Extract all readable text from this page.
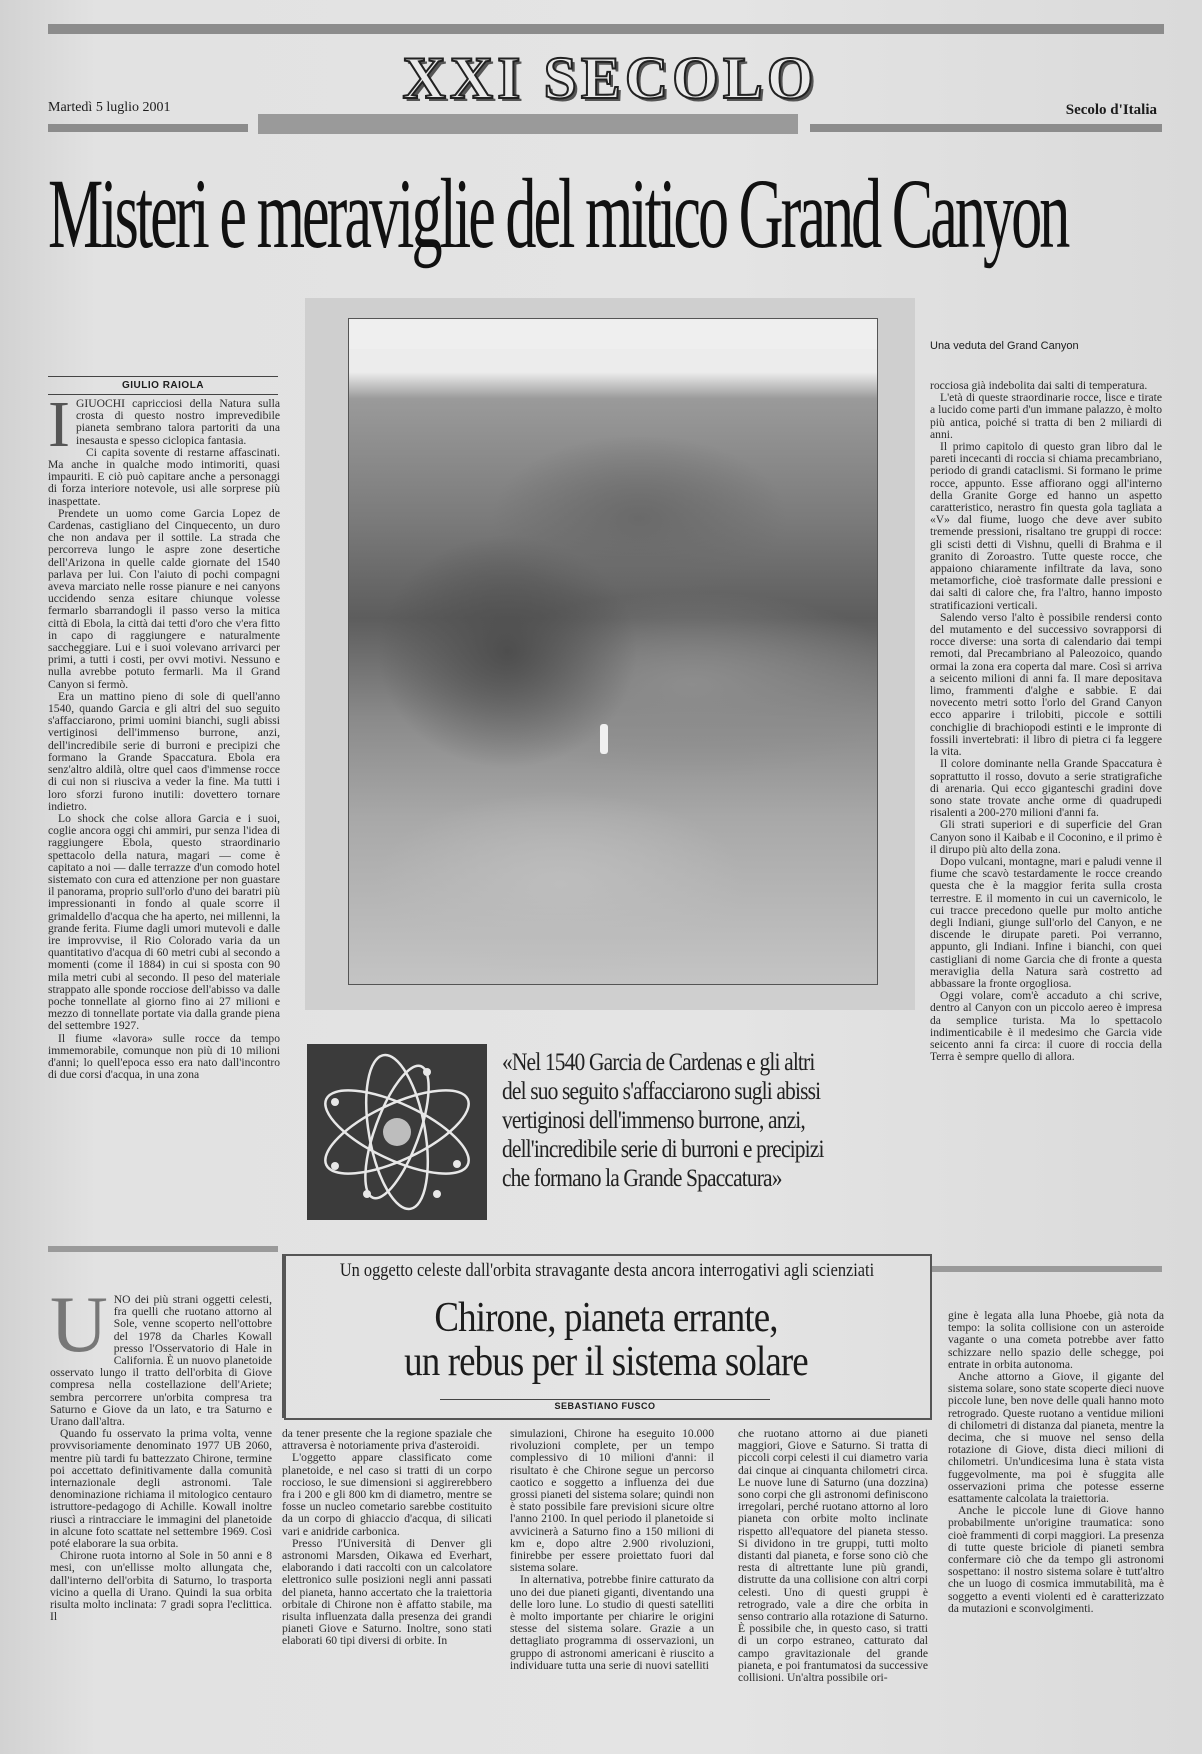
XXI SECOLO
Martedì 5 luglio 2001	Secolo d'Italia
Misteri e meraviglie del mitico Grand Canyon
GIULIO RAIOLA
I GIUOCHI capricciosi della Natura sulla crosta di questo nostro imprevedibile pianeta sembrano talora partoriti da una inesausta e spesso ciclopica fantasia.

Ci capita sovente di restarne affascinati. Ma anche in qualche modo intimoriti, quasi impauriti. E ciò può capitare anche a personaggi di forza interiore notevole, usi alle sorprese più inaspettate.

Prendete un uomo come Garcia Lopez de Cardenas, castigliano del Cinquecento, un duro che non andava per il sottile. La strada che percorreva lungo le aspre zone desertiche dell'Arizona in quelle calde giornate del 1540 parlava per lui. Con l'aiuto di pochi compagni aveva marciato nelle rosse pianure e nei canyons uccidendo senza esitare chiunque volesse fermarlo sbarrandogli il passo verso la mitica città di Ebola, la città dai tetti d'oro che v'era fitto in capo di raggiungere e naturalmente saccheggiare. Lui e i suoi volevano arrivarci per primi, a tutti i costi, per ovvi motivi. Nessuno e nulla avrebbe potuto fermarli. Ma il Grand Canyon si fermò.

Era un mattino pieno di sole di quell'anno 1540, quando Garcia e gli altri del suo seguito s'affacciarono, primi uomini bianchi, sugli abissi vertiginosi dell'immenso burrone, anzi, dell'incredibile serie di burroni e precipizi che formano la Grande Spaccatura. Ebola era senz'altro aldilà, oltre quel caos d'immense rocce di cui non si riusciva a veder la fine. Ma tutti i loro sforzi furono inutili: dovettero tornare indietro.

Lo shock che colse allora Garcia e i suoi, coglie ancora oggi chi ammiri, pur senza l'idea di raggiungere Ebola, questo straordinario spettacolo della natura, magari — come è capitato a noi — dalle terrazze d'un comodo hotel sistemato con cura ed attenzione per non guastare il panorama, proprio sull'orlo d'uno dei baratri più impressionanti in fondo al quale scorre il grimaldello d'acqua che ha aperto, nei millenni, la grande ferita. Fiume dagli umori mutevoli e dalle ire improvvise, il Rio Colorado varia da un quantitativo d'acqua di 60 metri cubi al secondo a momenti (come il 1884) in cui si sposta con 90 mila metri cubi al secondo. Il peso del materiale strappato alle sponde rocciose dell'abisso va dalle poche tonnellate al giorno fino ai 27 milioni e mezzo di tonnellate portate via dalla grande piena del settembre 1927.

Il fiume «lavora» sulle rocce da tempo immemorabile, comunque non più di 10 milioni d'anni; lo quell'epoca esso era nato dall'incontro di due corsi d'acqua, in una zona

Una veduta del Grand Canyon

rocciosa già indebolita dai salti di temperatura.

L'età di queste straordinarie rocce, lisce e tirate a lucido come parti d'un immane palazzo, è molto più antica, poiché si tratta di ben 2 miliardi di anni.

Il primo capitolo di questo gran libro dal le pareti incecanti di roccia si chiama precambriano, periodo di grandi cataclismi. Si formano le prime rocce, appunto. Esse affiorano oggi all'interno della Granite Gorge ed hanno un aspetto caratteristico, nerastro fin questa gola tagliata a «V» dal fiume, luogo che deve aver subito tremende pressioni, risaltano tre gruppi di rocce: gli scisti detti di Vishnu, quelli di Brahma e il granito di Zoroastro. Tutte queste rocce, che appaiono chiaramente infiltrate da lava, sono metamorfiche, cioè trasformate dalle pressioni e dai salti di calore che, fra l'altro, hanno imposto stratificazioni verticali.

Salendo verso l'alto è possibile rendersi conto del mutamento e del successivo sovrapporsi di rocce diverse: una sorta di calendario dai tempi remoti, dal Precambriano al Paleozoico, quando ormai la zona era coperta dal mare. Così si arriva a seicento milioni di anni fa. Il mare depositava limo, frammenti d'alghe e sabbie. E dai novecento metri sotto l'orlo del Grand Canyon ecco apparire i trilobiti, piccole e sottili conchiglie di brachiopodi estinti e le impronte di fossili invertebrati: il libro di pietra ci fa leggere la vita.

Il colore dominante nella Grande Spaccatura è soprattutto il rosso, dovuto a serie stratigrafiche di arenaria. Qui ecco giganteschi gradini dove sono state trovate anche orme di quadrupedi risalenti a 200-270 milioni d'anni fa.

Gli strati superiori e di superficie del Gran Canyon sono il Kaibab e il Coconino, e il primo è il dirupo più alto della zona.

Dopo vulcani, montagne, mari e paludi venne il fiume che scavò testardamente le rocce creando questa che è la maggior ferita sulla crosta terrestre. E il momento in cui un cavernicolo, le cui tracce precedono quelle pur molto antiche degli Indiani, giunge sull'orlo del Canyon, e ne discende le dirupate pareti. Poi verranno, appunto, gli Indiani. Infine i bianchi, con quei castigliani di nome Garcia che di fronte a questa meraviglia della Natura sarà costretto ad abbassare la fronte orgogliosa.

Oggi volare, com'è accaduto a chi scrive, dentro al Canyon con un piccolo aereo è impresa da semplice turista. Ma lo spettacolo indimenticabile è il medesimo che Garcia vide seicento anni fa circa: il cuore di roccia della Terra è sempre quello di allora.

«Nel 1540 Garcia de Cardenas e gli altri
del suo seguito s'affacciarono sugli abissi
vertiginosi dell'immenso burrone, anzi,
dell'incredibile serie di burroni e precipizi
che formano la Grande Spaccatura»
Un oggetto celeste dall'orbita stravagante desta ancora interrogativi agli scienziati
Chirone, pianeta errante,
un rebus per il sistema solare
SEBASTIANO FUSCO
U NO dei più strani oggetti celesti, fra quelli che ruotano attorno al Sole, venne scoperto nell'ottobre del 1978 da Charles Kowall presso l'Osservatorio di Hale in California. È un nuovo planetoide osservato lungo il tratto dell'orbita di Giove compresa nella costellazione dell'Ariete; sembra percorrere un'orbita compresa tra Saturno e Giove da un lato, e tra Saturno e Urano dall'altra.

Quando fu osservato la prima volta, venne provvisoriamente denominato 1977 UB 2060, mentre più tardi fu battezzato Chirone, termine poi accettato definitivamente dalla comunità internazionale degli astronomi. Tale denominazione richiama il mitologico centauro istruttore-pedagogo di Achille. Kowall inoltre riuscì a rintracciare le immagini del planetoide in alcune foto scattate nel settembre 1969. Così poté elaborare la sua orbita.

Chirone ruota intorno al Sole in 50 anni e 8 mesi, con un'ellisse molto allungata che, dall'interno dell'orbita di Saturno, lo trasporta vicino a quella di Urano. Quindi la sua orbita risulta molto inclinata: 7 gradi sopra l'eclittica. Il

da tener presente che la regione spaziale che attraversa è notoriamente priva d'asteroidi.

L'oggetto appare classificato come planetoide, e nel caso si tratti di un corpo roccioso, le sue dimensioni si aggirerebbero fra i 200 e gli 800 km di diametro, mentre se fosse un nucleo cometario sarebbe costituito da un corpo di ghiaccio d'acqua, di silicati vari e anidride carbonica.

Presso l'Università di Denver gli astronomi Marsden, Oikawa ed Everhart, elaborando i dati raccolti con un calcolatore elettronico sulle posizioni negli anni passati del pianeta, hanno accertato che la traiettoria orbitale di Chirone non è affatto stabile, ma risulta influenzata dalla presenza dei grandi pianeti Giove e Saturno. Inoltre, sono stati elaborati 60 tipi diversi di orbite. In

simulazioni, Chirone ha eseguito 10.000 rivoluzioni complete, per un tempo complessivo di 10 milioni d'anni: il risultato è che Chirone segue un percorso caotico e soggetto a influenza dei due grossi pianeti del sistema solare; quindi non è stato possibile fare previsioni sicure oltre l'anno 2100. In quel periodo il planetoide si avvicinerà a Saturno fino a 150 milioni di km e, dopo altre 2.900 rivoluzioni, finirebbe per essere proiettato fuori dal sistema solare.

In alternativa, potrebbe finire catturato da uno dei due pianeti giganti, diventando una delle loro lune. Lo studio di questi satelliti è molto importante per chiarire le origini stesse del sistema solare. Grazie a un dettagliato programma di osservazioni, un gruppo di astronomi americani è riuscito a individuare tutta una serie di nuovi satelliti

che ruotano attorno ai due pianeti maggiori, Giove e Saturno. Si tratta di piccoli corpi celesti il cui diametro varia dai cinque ai cinquanta chilometri circa. Le nuove lune di Saturno (una dozzina) sono corpi che gli astronomi definiscono irregolari, perché ruotano attorno al loro pianeta con orbite molto inclinate rispetto all'equatore del pianeta stesso. Si dividono in tre gruppi, tutti molto distanti dal pianeta, e forse sono ciò che resta di altrettante lune più grandi, distrutte da una collisione con altri corpi celesti. Uno di questi gruppi è retrogrado, vale a dire che orbita in senso contrario alla rotazione di Saturno. È possibile che, in questo caso, si tratti di un corpo estraneo, catturato dal campo gravitazionale del grande pianeta, e poi frantumatosi da successive collisioni. Un'altra possibile ori-

gine è legata alla luna Phoebe, già nota da tempo: la solita collisione con un asteroide vagante o una cometa potrebbe aver fatto schizzare nello spazio delle schegge, poi entrate in orbita autonoma.

Anche attorno a Giove, il gigante del sistema solare, sono state scoperte dieci nuove piccole lune, ben nove delle quali hanno moto retrogrado. Queste ruotano a ventidue milioni di chilometri di distanza dal pianeta, mentre la decima, che si muove nel senso della rotazione di Giove, dista dieci milioni di chilometri. Un'undicesima luna è stata vista fuggevolmente, ma poi è sfuggita alle osservazioni prima che potesse esserne esattamente calcolata la traiettoria.

Anche le piccole lune di Giove hanno probabilmente un'origine traumatica: sono cioè frammenti di corpi maggiori. La presenza di tutte queste briciole di pianeti sembra confermare ciò che da tempo gli astronomi sospettano: il nostro sistema solare è tutt'altro che un luogo di cosmica immutabilità, ma è soggetto a eventi violenti ed è caratterizzato da mutazioni e sconvolgimenti.
